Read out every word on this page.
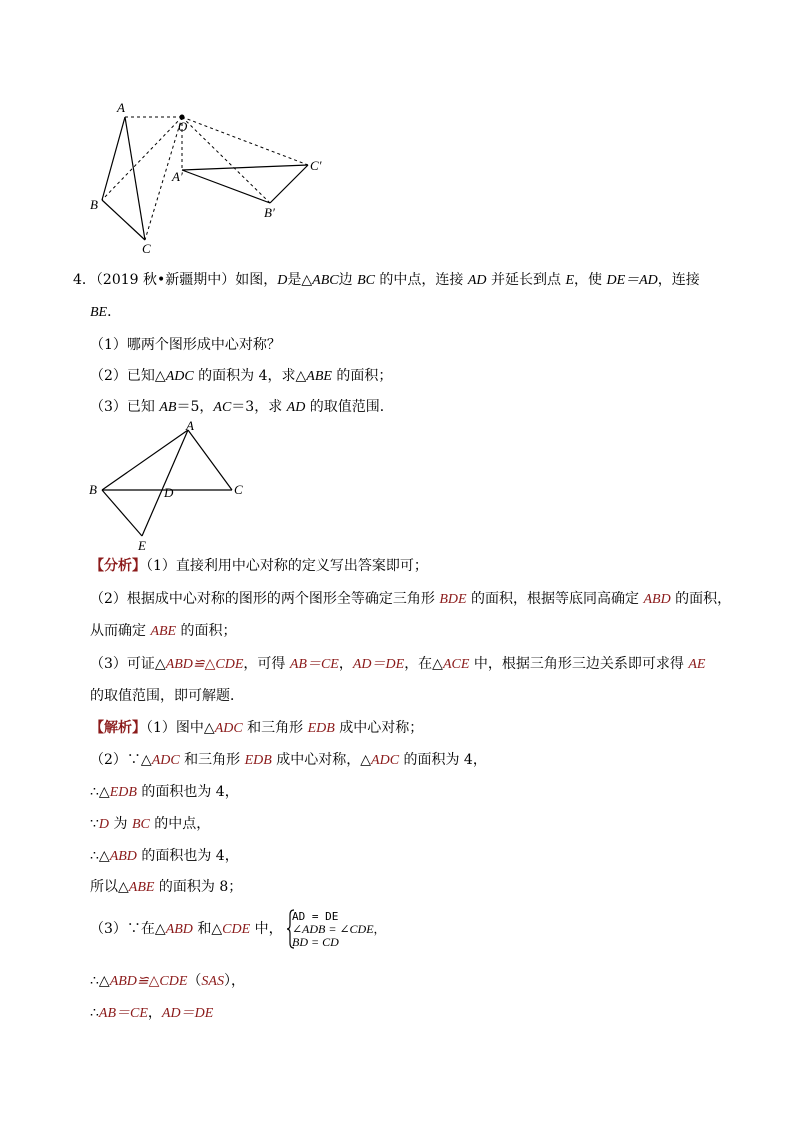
A
O
B
C
A′
B′
C′
4．（2019 秋•新疆期中）如图，D是△ABC边 BC 的中点，连接 AD 并延长到点 E，使 DE＝AD，连接
BE．
（1）哪两个图形成中心对称？
（2）已知△ADC 的面积为 4，求△ABE 的面积；
（3）已知 AB＝5，AC＝3，求 AD 的取值范围．
A
B	C
D
E
【分析】（1）直接利用中心对称的定义写出答案即可；
（2）根据成中心对称的图形的两个图形全等确定三角形 BDE 的面积，根据等底同高确定 ABD 的面积，
从而确定 ABE 的面积；
（3）可证△ABD≌△CDE，可得 AB＝CE，AD＝DE，在△ACE 中，根据三角形三边关系即可求得 AE
的取值范围，即可解题．
【解析】（1）图中△ADC 和三角形 EDB 成中心对称；
（2）∵△ADC 和三角形 EDB 成中心对称，△ADC 的面积为 4，
∴△EDB 的面积也为 4，
∵D 为 BC 的中点，
∴△ABD 的面积也为 4，
所以△ABE 的面积为 8；
（3）∵在△ABD 和△CDE 中，
AD = DE
∠ADB = ∠CDE，
BD = CD
∴△ABD≌△CDE（SAS），
∴AB＝CE，AD＝DE
